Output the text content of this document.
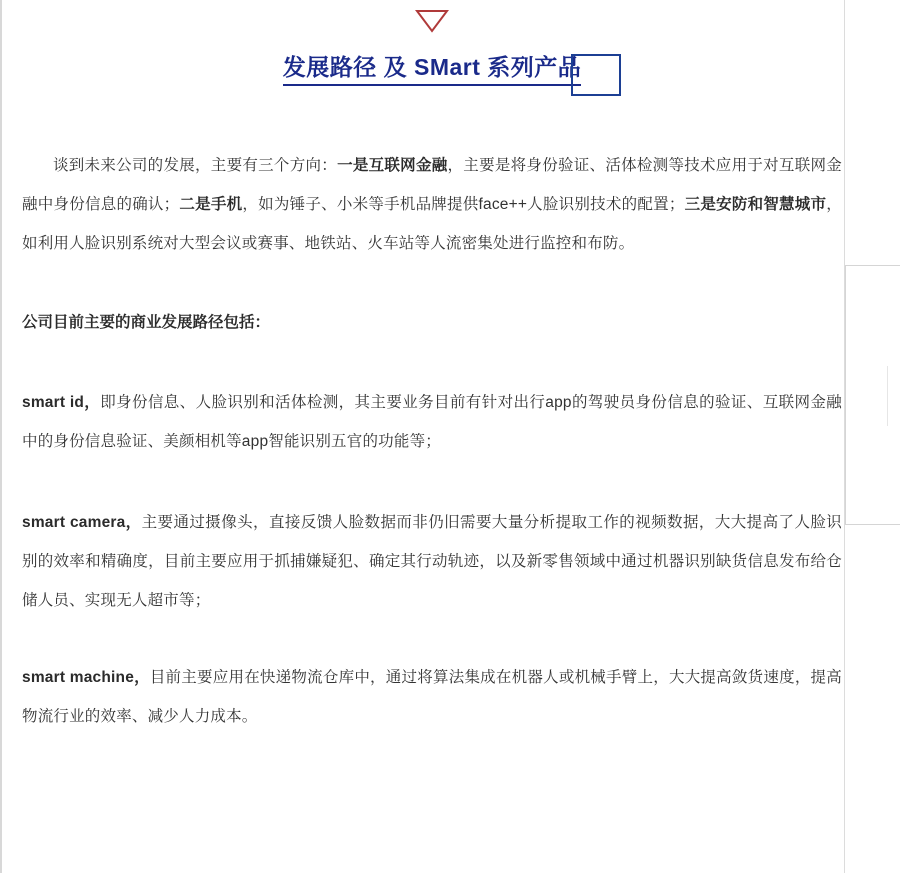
发展路径 及 SMart 系列产品

谈到未来公司的发展，主要有三个方向：一是互联网金融，主要是将身份验证、活体检测等技术应用于对互联网金融中身份信息的确认；二是手机，如为锤子、小米等手机品牌提供face++人脸识别技术的配置；三是安防和智慧城市，如利用人脸识别系统对大型会议或赛事、地铁站、火车站等人流密集处进行监控和布防。

公司目前主要的商业发展路径包括：

smart id，即身份信息、人脸识别和活体检测，其主要业务目前有针对出行app的驾驶员身份信息的验证、互联网金融中的身份信息验证、美颜相机等app智能识别五官的功能等；

smart camera，主要通过摄像头，直接反馈人脸数据而非仍旧需要大量分析提取工作的视频数据，大大提高了人脸识别的效率和精确度，目前主要应用于抓捕嫌疑犯、确定其行动轨迹，以及新零售领域中通过机器识别缺货信息发布给仓储人员、实现无人超市等；

smart machine，目前主要应用在快递物流仓库中，通过将算法集成在机器人或机械手臂上，大大提高敛货速度，提高物流行业的效率、减少人力成本。
